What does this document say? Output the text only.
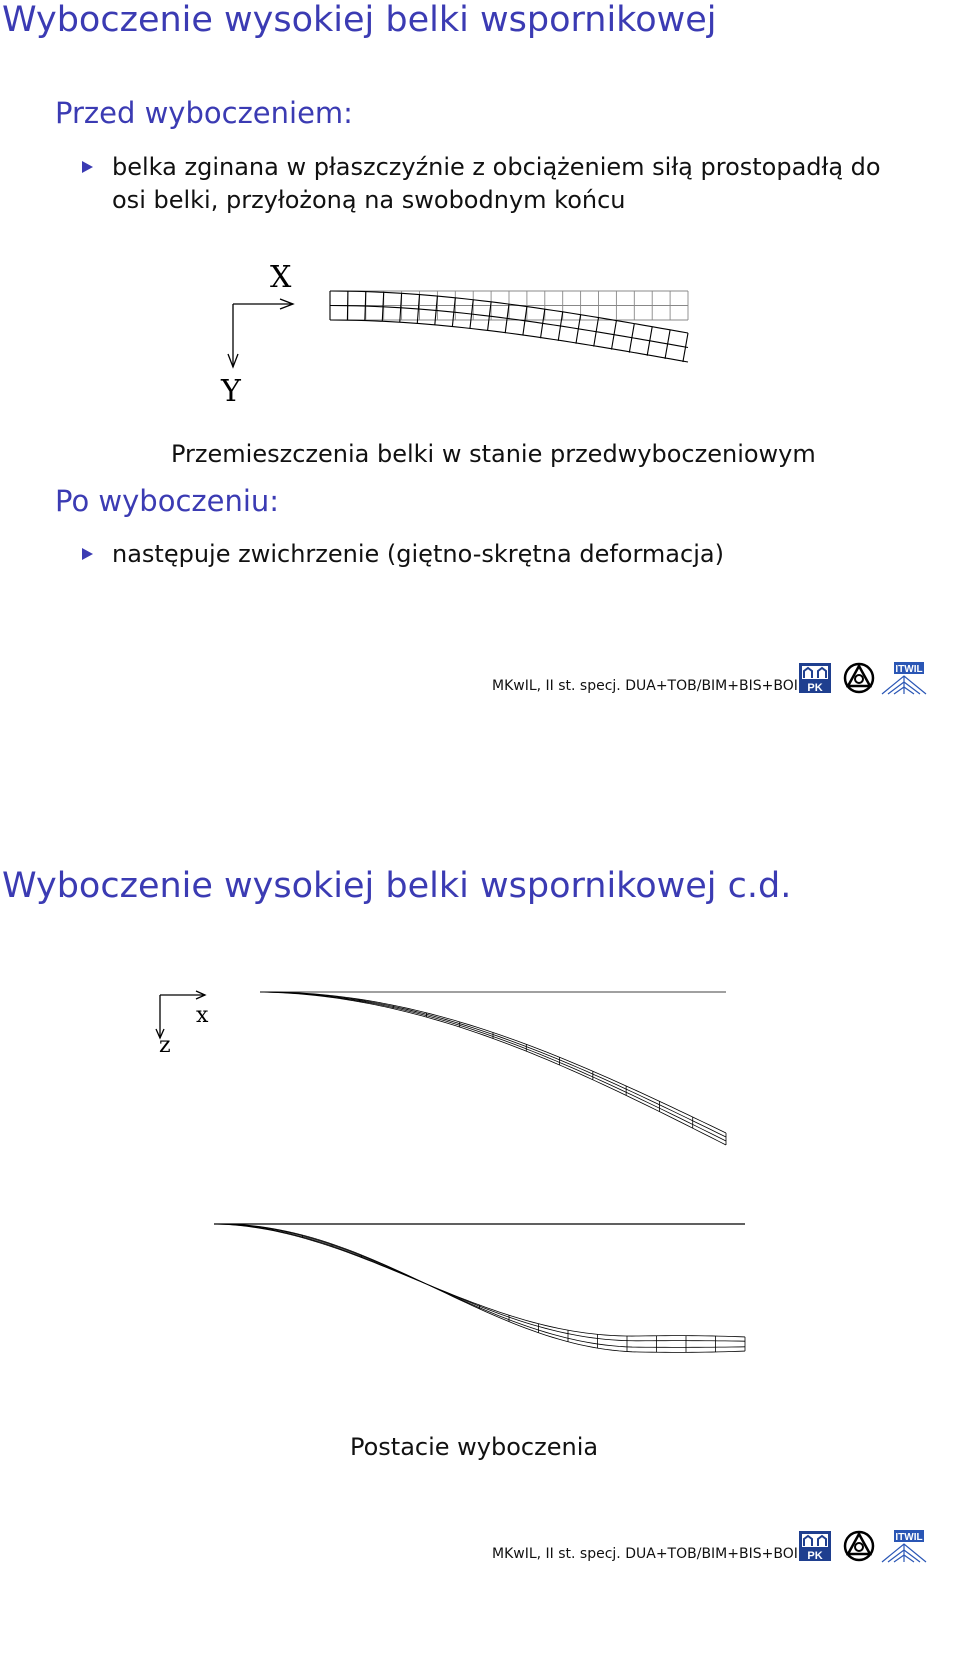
Wyboczenie wysokiej belki wspornikowej
Przed wyboczeniem:
belka zginana w płaszczyźnie z obciążeniem siłą prostopadłą do osi belki, przyłożoną na swobodnym końcu
X
Y
Przemieszczenia belki w stanie przedwyboczeniowym
Po wyboczeniu:
następuje zwichrzenie (giętno-skrętna deformacja)
MKwIL, II st. specj. DUA+TOB/BIM+BIS+BOI PK
ITWIL
Wyboczenie wysokiej belki wspornikowej c.d.
x
z
Postacie wyboczenia
MKwIL, II st. specj. DUA+TOB/BIM+BIS+BOI PK
ITWIL
